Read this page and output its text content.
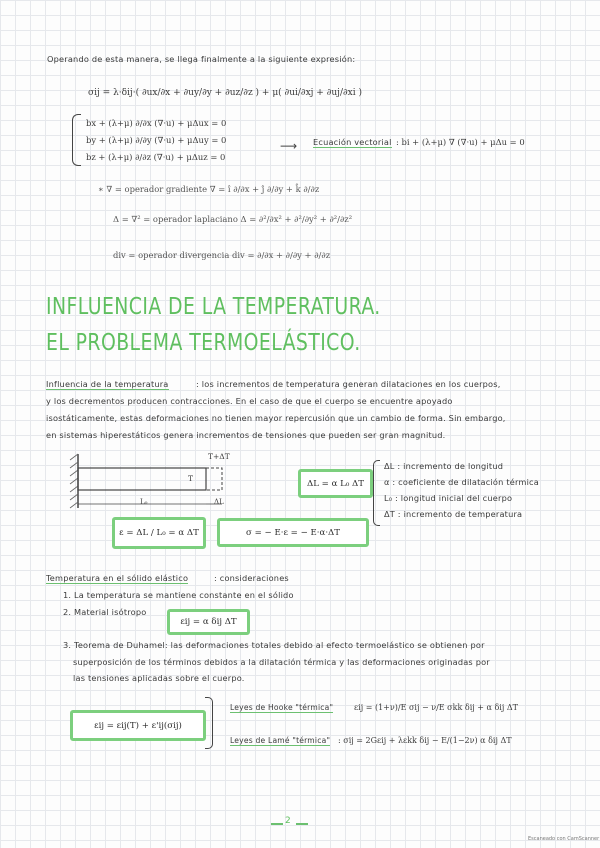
Operando de esta manera, se llega finalmente a la siguiente expresión:
σij = λ·δij·( ∂ux/∂x + ∂uy/∂y + ∂uz/∂z ) + μ( ∂ui/∂xj + ∂uj/∂xi )
bx + (λ+μ) ∂/∂x (∇·u) + μΔux = 0
by + (λ+μ) ∂/∂y (∇·u) + μΔuy = 0
bz + (λ+μ) ∂/∂z (∇·u) + μΔuz = 0
⟶ Ecuación vectorial : bi + (λ+μ) ∇ (∇·u) + μΔu = 0
∗ ∇ = operador gradiente ∇ = î ∂/∂x + ĵ ∂/∂y + k̂ ∂/∂z
Δ = ∇² = operador laplaciano Δ = ∂²/∂x² + ∂²/∂y² + ∂²/∂z²
div = operador divergencia div = ∂/∂x + ∂/∂y + ∂/∂z
INFLUENCIA DE LA TEMPERATURA.
EL PROBLEMA TERMOELÁSTICO.
Influencia de la temperatura	: los incrementos de temperatura generan dilataciones en los cuerpos,
y los decrementos producen contracciones. En el caso de que el cuerpo se encuentre apoyado
isostáticamente, estas deformaciones no tienen mayor repercusión que un cambio de forma. Sin embargo,
en sistemas hiperestáticos genera incrementos de tensiones que pueden ser gran magnitud.
T+ΔT
T
L₀	ΔL
ΔL = α L₀ ΔT
ε = ΔL / L₀ = α ΔT	σ = − E·ε = − E·α·ΔT
ΔL : incremento de longitud
α : coeficiente de dilatación térmica
L₀ : longitud inicial del cuerpo
ΔT : incremento de temperatura
Temperatura en el sólido elástico	: consideraciones
1. La temperatura se mantiene constante en el sólido
2. Material isótropo
εij = α δij ΔT
3. Teorema de Duhamel: las deformaciones totales debido al efecto termoelástico se obtienen por
superposición de los términos debidos a la dilatación térmica y las deformaciones originadas por
las tensiones aplicadas sobre el cuerpo.
εij = εij(T) + ε'ij(σij)
Leyes de Hooke "térmica"	εij = (1+ν)/E σij − ν/E σkk δij + α δij ΔT
Leyes de Lamé "térmica" : σij = 2Gεij + λεkk δij − E/(1−2ν) α δij ΔT
2
Escaneado con CamScanner
